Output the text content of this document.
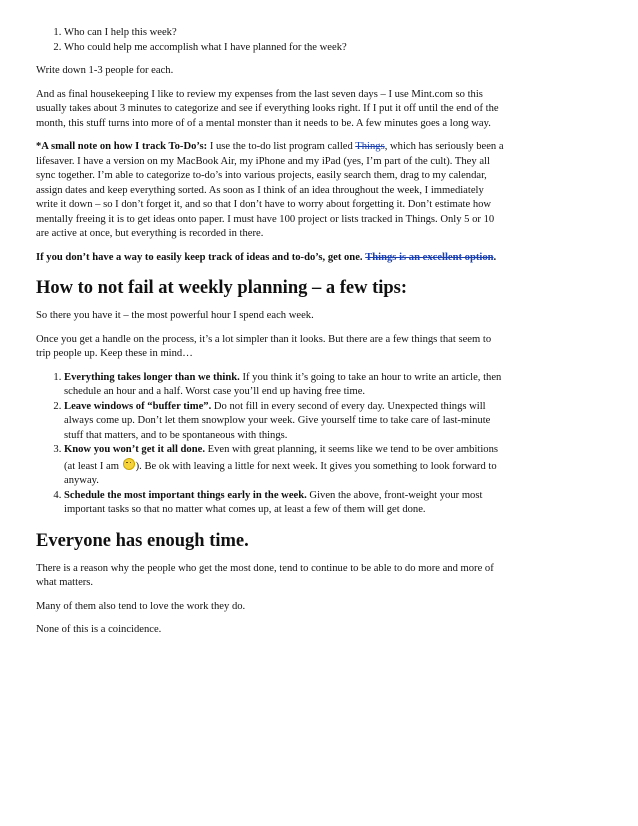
1. Who can I help this week?
2. Who could help me accomplish what I have planned for the week?

Write down 1-3 people for each.

And as final housekeeping I like to review my expenses from the last seven days – I use Mint.com so this usually takes about 3 minutes to categorize and see if everything looks right. If I put it off until the end of the month, this stuff turns into more of of a mental monster than it needs to be. A few minutes goes a long way.

*A small note on how I track To-Do’s: I use the to-do list program called Things, which has seriously been a lifesaver. I have a version on my MacBook Air, my iPhone and my iPad (yes, I’m part of the cult). They all sync together. I’m able to categorize to-do’s into various projects, easily search them, drag to my calendar, assign dates and keep everything sorted. As soon as I think of an idea throughout the week, I immediately write it down – so I don’t forget it, and so that I don’t have to worry about forgetting it. Don’t estimate how mentally freeing it is to get ideas onto paper. I must have 100 project or lists tracked in Things. Only 5 or 10 are active at once, but everything is recorded in there.

If you don’t have a way to easily keep track of ideas and to-do’s, get one. Things is an excellent option.

How to not fail at weekly planning – a few tips:

So there you have it – the most powerful hour I spend each week.

Once you get a handle on the process, it’s a lot simpler than it looks. But there are a few things that seem to trip people up. Keep these in mind…

1. Everything takes longer than we think. If you think it’s going to take an hour to write an article, then schedule an hour and a half. Worst case you’ll end up having free time.
2. Leave windows of “buffer time”. Do not fill in every second of every day. Unexpected things will always come up. Don’t let them snowplow your week. Give yourself time to take care of last-minute stuff that matters, and to be spontaneous with things.
3. Know you won’t get it all done. Even with great planning, it seems like we tend to be over ambitions (at least I am ). Be ok with leaving a little for next week. It gives you something to look forward to anyway.
4. Schedule the most important things early in the week. Given the above, front-weight your most important tasks so that no matter what comes up, at least a few of them will get done.
Everyone has enough time.

There is a reason why the people who get the most done, tend to continue to be able to do more and more of what matters.

Many of them also tend to love the work they do.

None of this is a coincidence.
